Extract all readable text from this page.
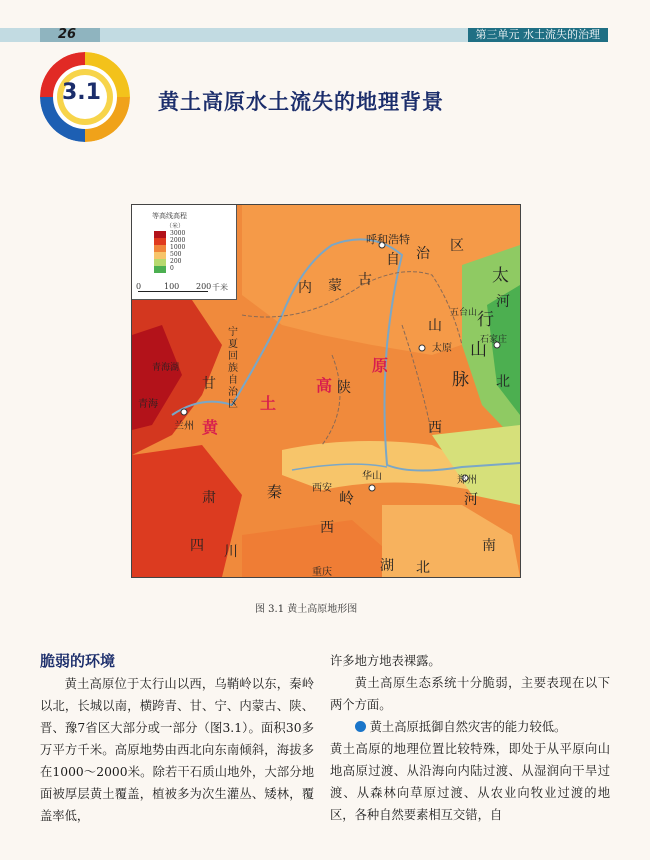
26	第三单元 水土流失的治理
3.1	黄土高原水土流失的地理背景
等高线高程
（米）
3000
2000
1000
500
200
0
0	100 200 千米
呼和浩特
五台山
太原
石家庄
青海湖
兰州
西安
华山	郑州
重庆
内 蒙 古
自 治 区
宁
夏
回
族
自
治
区
甘
肃
陕
西
山
西
太
行
山
脉
河
北
河
南
秦	岭
四 川
湖 北
青海
黄
土
高
原
图 3.1 黄土高原地形图
脆弱的环境
黄土高原位于太行山以西，乌鞘岭以东，秦岭以北，长城以南，横跨青、甘、宁、内蒙古、陕、晋、豫7省区大部分或一部分（图3.1）。面积30多万平方千米。高原地势由西北向东南倾斜，海拔多在1000～2000米。除若干石质山地外，大部分地面被厚层黄土覆盖，植被多为次生灌丛、矮林，覆盖率低，
许多地方地表裸露。
黄土高原生态系统十分脆弱，主要表现在以下两个方面。
黄土高原抵御自然灾害的能力较低。
黄土高原的地理位置比较特殊，即处于从平原向山地高原过渡、从沿海向内陆过渡、从湿润向干旱过渡、从森林向草原过渡、从农业向牧业过渡的地区，各种自然要素相互交错，自
